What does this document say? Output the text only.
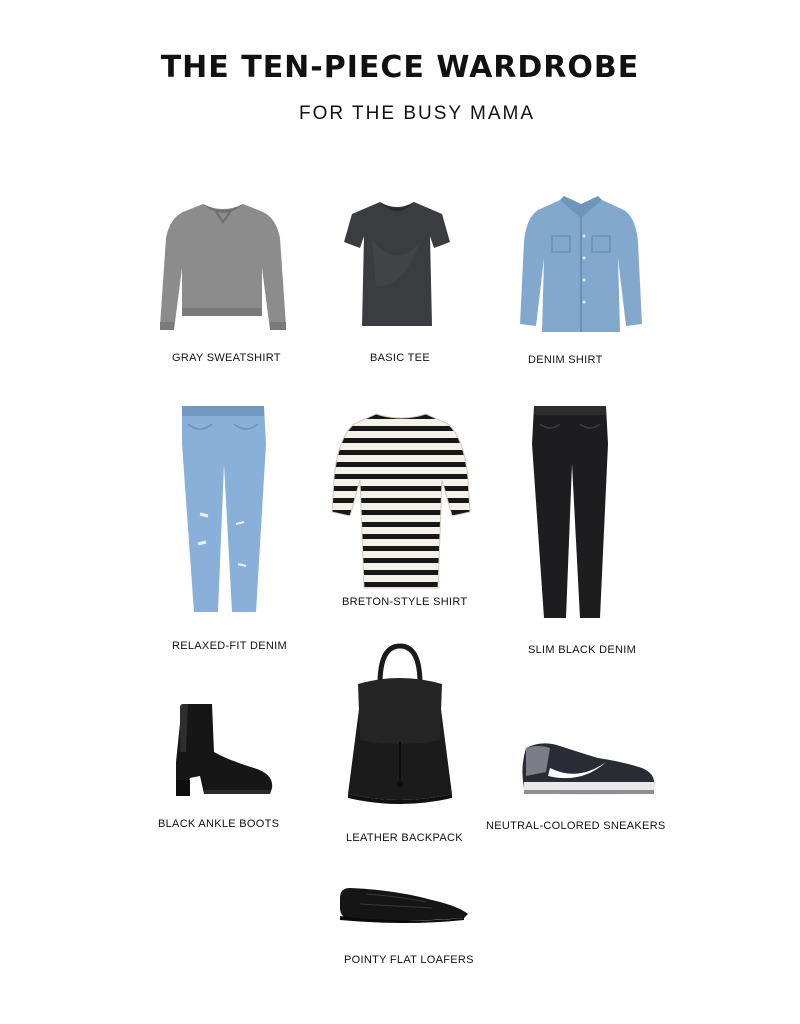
THE TEN-PIECE WARDROBE
FOR THE BUSY MAMA
GRAY SWEATSHIRT	BASIC TEE	DENIM SHIRT
RELAXED-FIT DENIM
BRETON-STYLE SHIRT
SLIM BLACK DENIM
BLACK ANKLE BOOTS
LEATHER BACKPACK
NEUTRAL-COLORED SNEAKERS
POINTY FLAT LOAFERS
